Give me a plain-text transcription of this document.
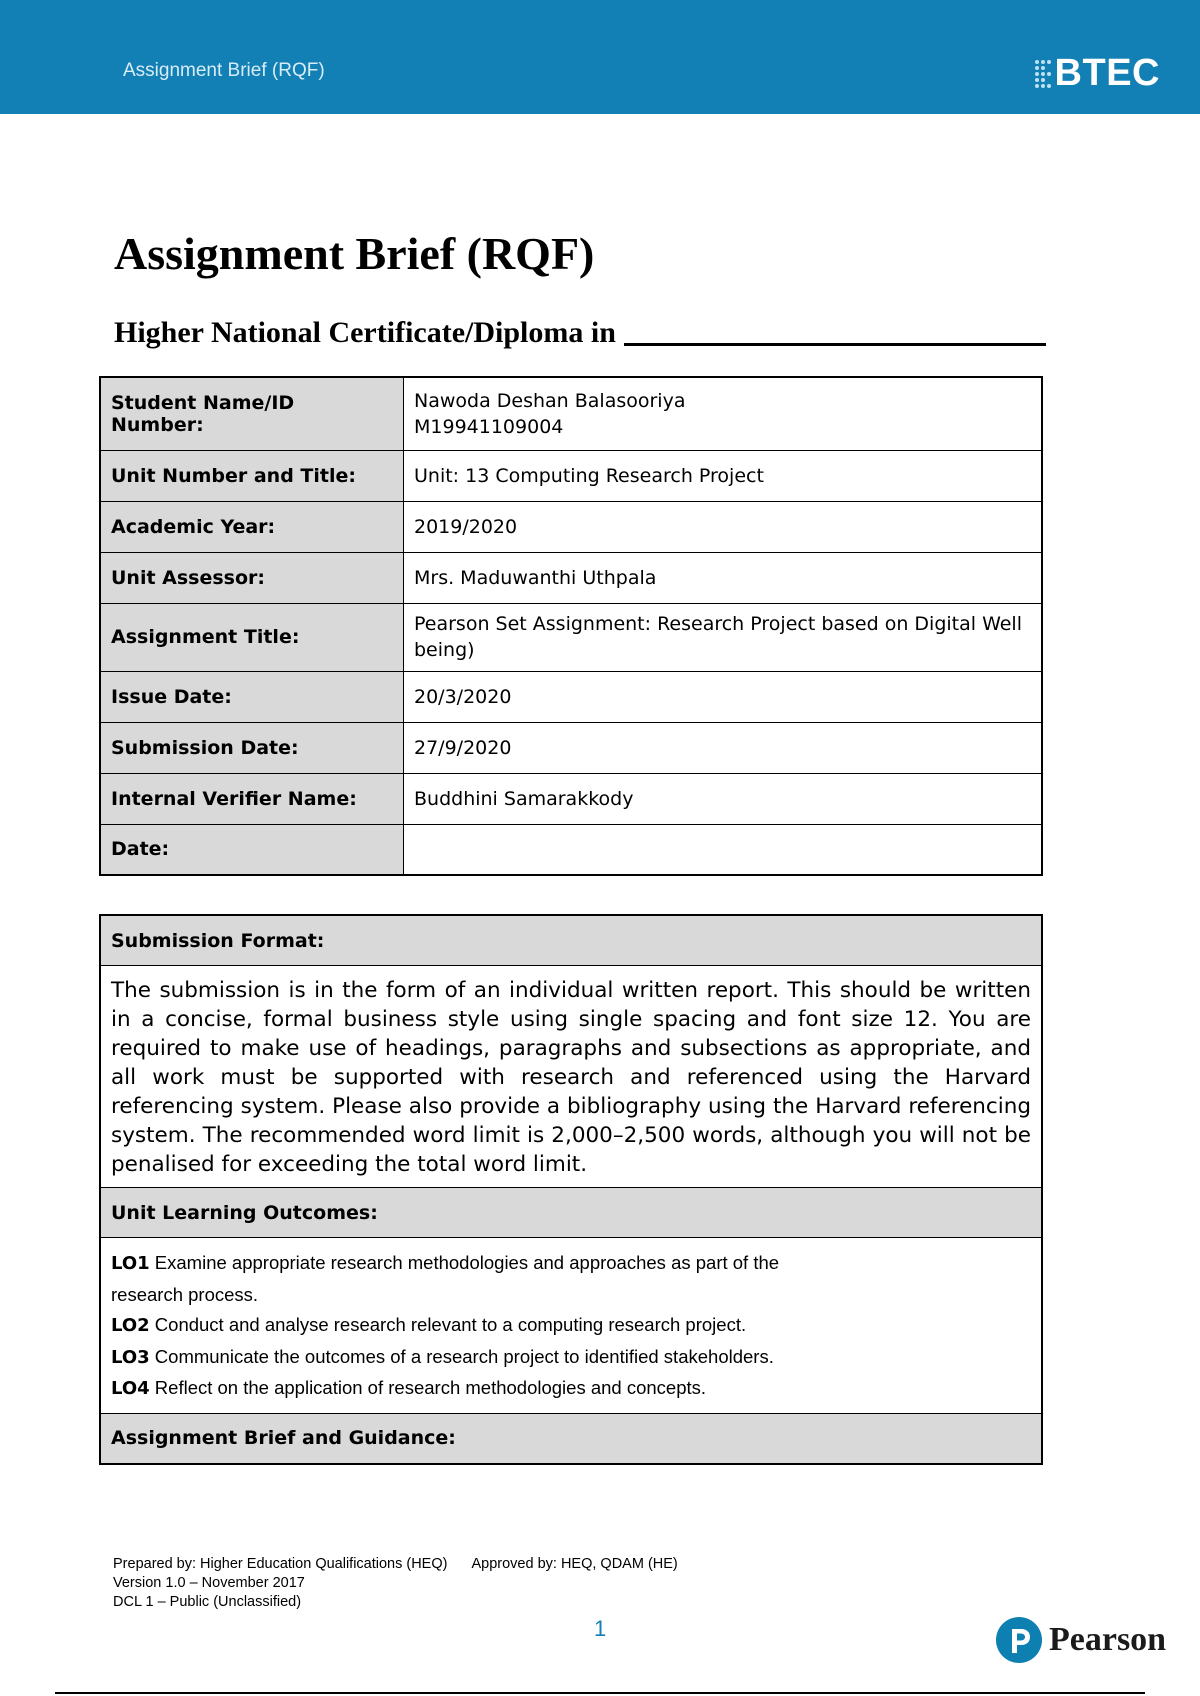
Assignment Brief (RQF)	BTEC
Assignment Brief (RQF)
Higher National Certificate/Diploma in
Student Name/ID Number:	Nawoda Deshan Balasooriya
M19941109004

Unit Number and Title:	Unit: 13 Computing Research Project
Academic Year:	2019/2020
Unit Assessor:	Mrs. Maduwanthi Uthpala
Assignment Title:	Pearson Set Assignment: Research Project based on Digital Well being)
Issue Date:	20/3/2020
Submission Date:	27/9/2020
Internal Verifier Name:	Buddhini Samarakkody
Date:	
Submission Format:

The submission is in the form of an individual written report. This should be written in a concise, formal business style using single spacing and font size 12. You are required to make use of headings, paragraphs and subsections as appropriate, and all work must be supported with research and referenced using the Harvard referencing system. Please also provide a bibliography using the Harvard referencing system. The recommended word limit is 2,000–2,500 words, although you will not be penalised for exceeding the total word limit.

Unit Learning Outcomes:

LO1 Examine appropriate research methodologies and approaches as part of the
research process.
LO2 Conduct and analyse research relevant to a computing research project.
LO3 Communicate the outcomes of a research project to identified stakeholders.
LO4 Reflect on the application of research methodologies and concepts.

Assignment Brief and Guidance:
Prepared by: Higher Education Qualifications (HEQ) Approved by: HEQ, QDAM (HE)
Version 1.0 – November 2017
DCL 1 – Public (Unclassified)
1	Pearson
